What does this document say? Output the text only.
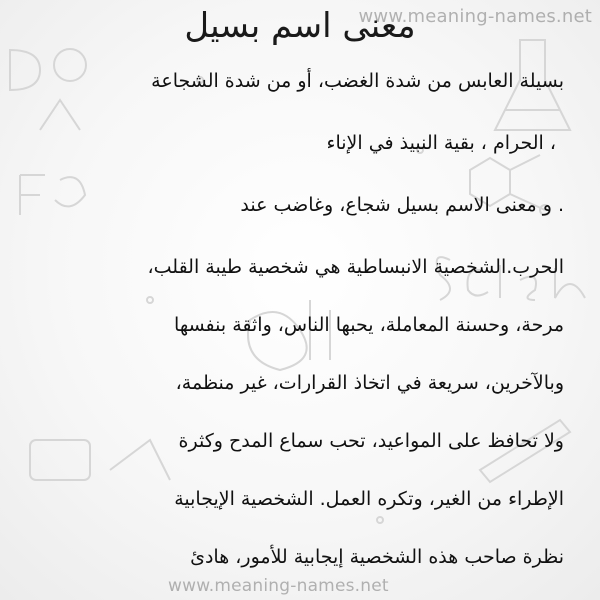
www.meaning-names.net
معنى اسم بسيل
بسيلة العابس من شدة الغضب، أو من شدة الشجاعة
، الحرام ، بقية النبيذ في الإناء
. و معنى الاسم بسيل شجاع، وغاضب عند
الحرب.الشخصية الانبساطية هي شخصية طيبة القلب،
مرحة، وحسنة المعاملة، يحبها الناس، واثقة بنفسها
وبالآخرين، سريعة في اتخاذ القرارات، غير منظمة،
ولا تحافظ على المواعيد، تحب سماع المدح وكثرة
الإطراء من الغير، وتكره العمل. الشخصية الإيجابية
نظرة صاحب هذه الشخصية إيجابية للأمور، هادئ
www.meaning-names.net
